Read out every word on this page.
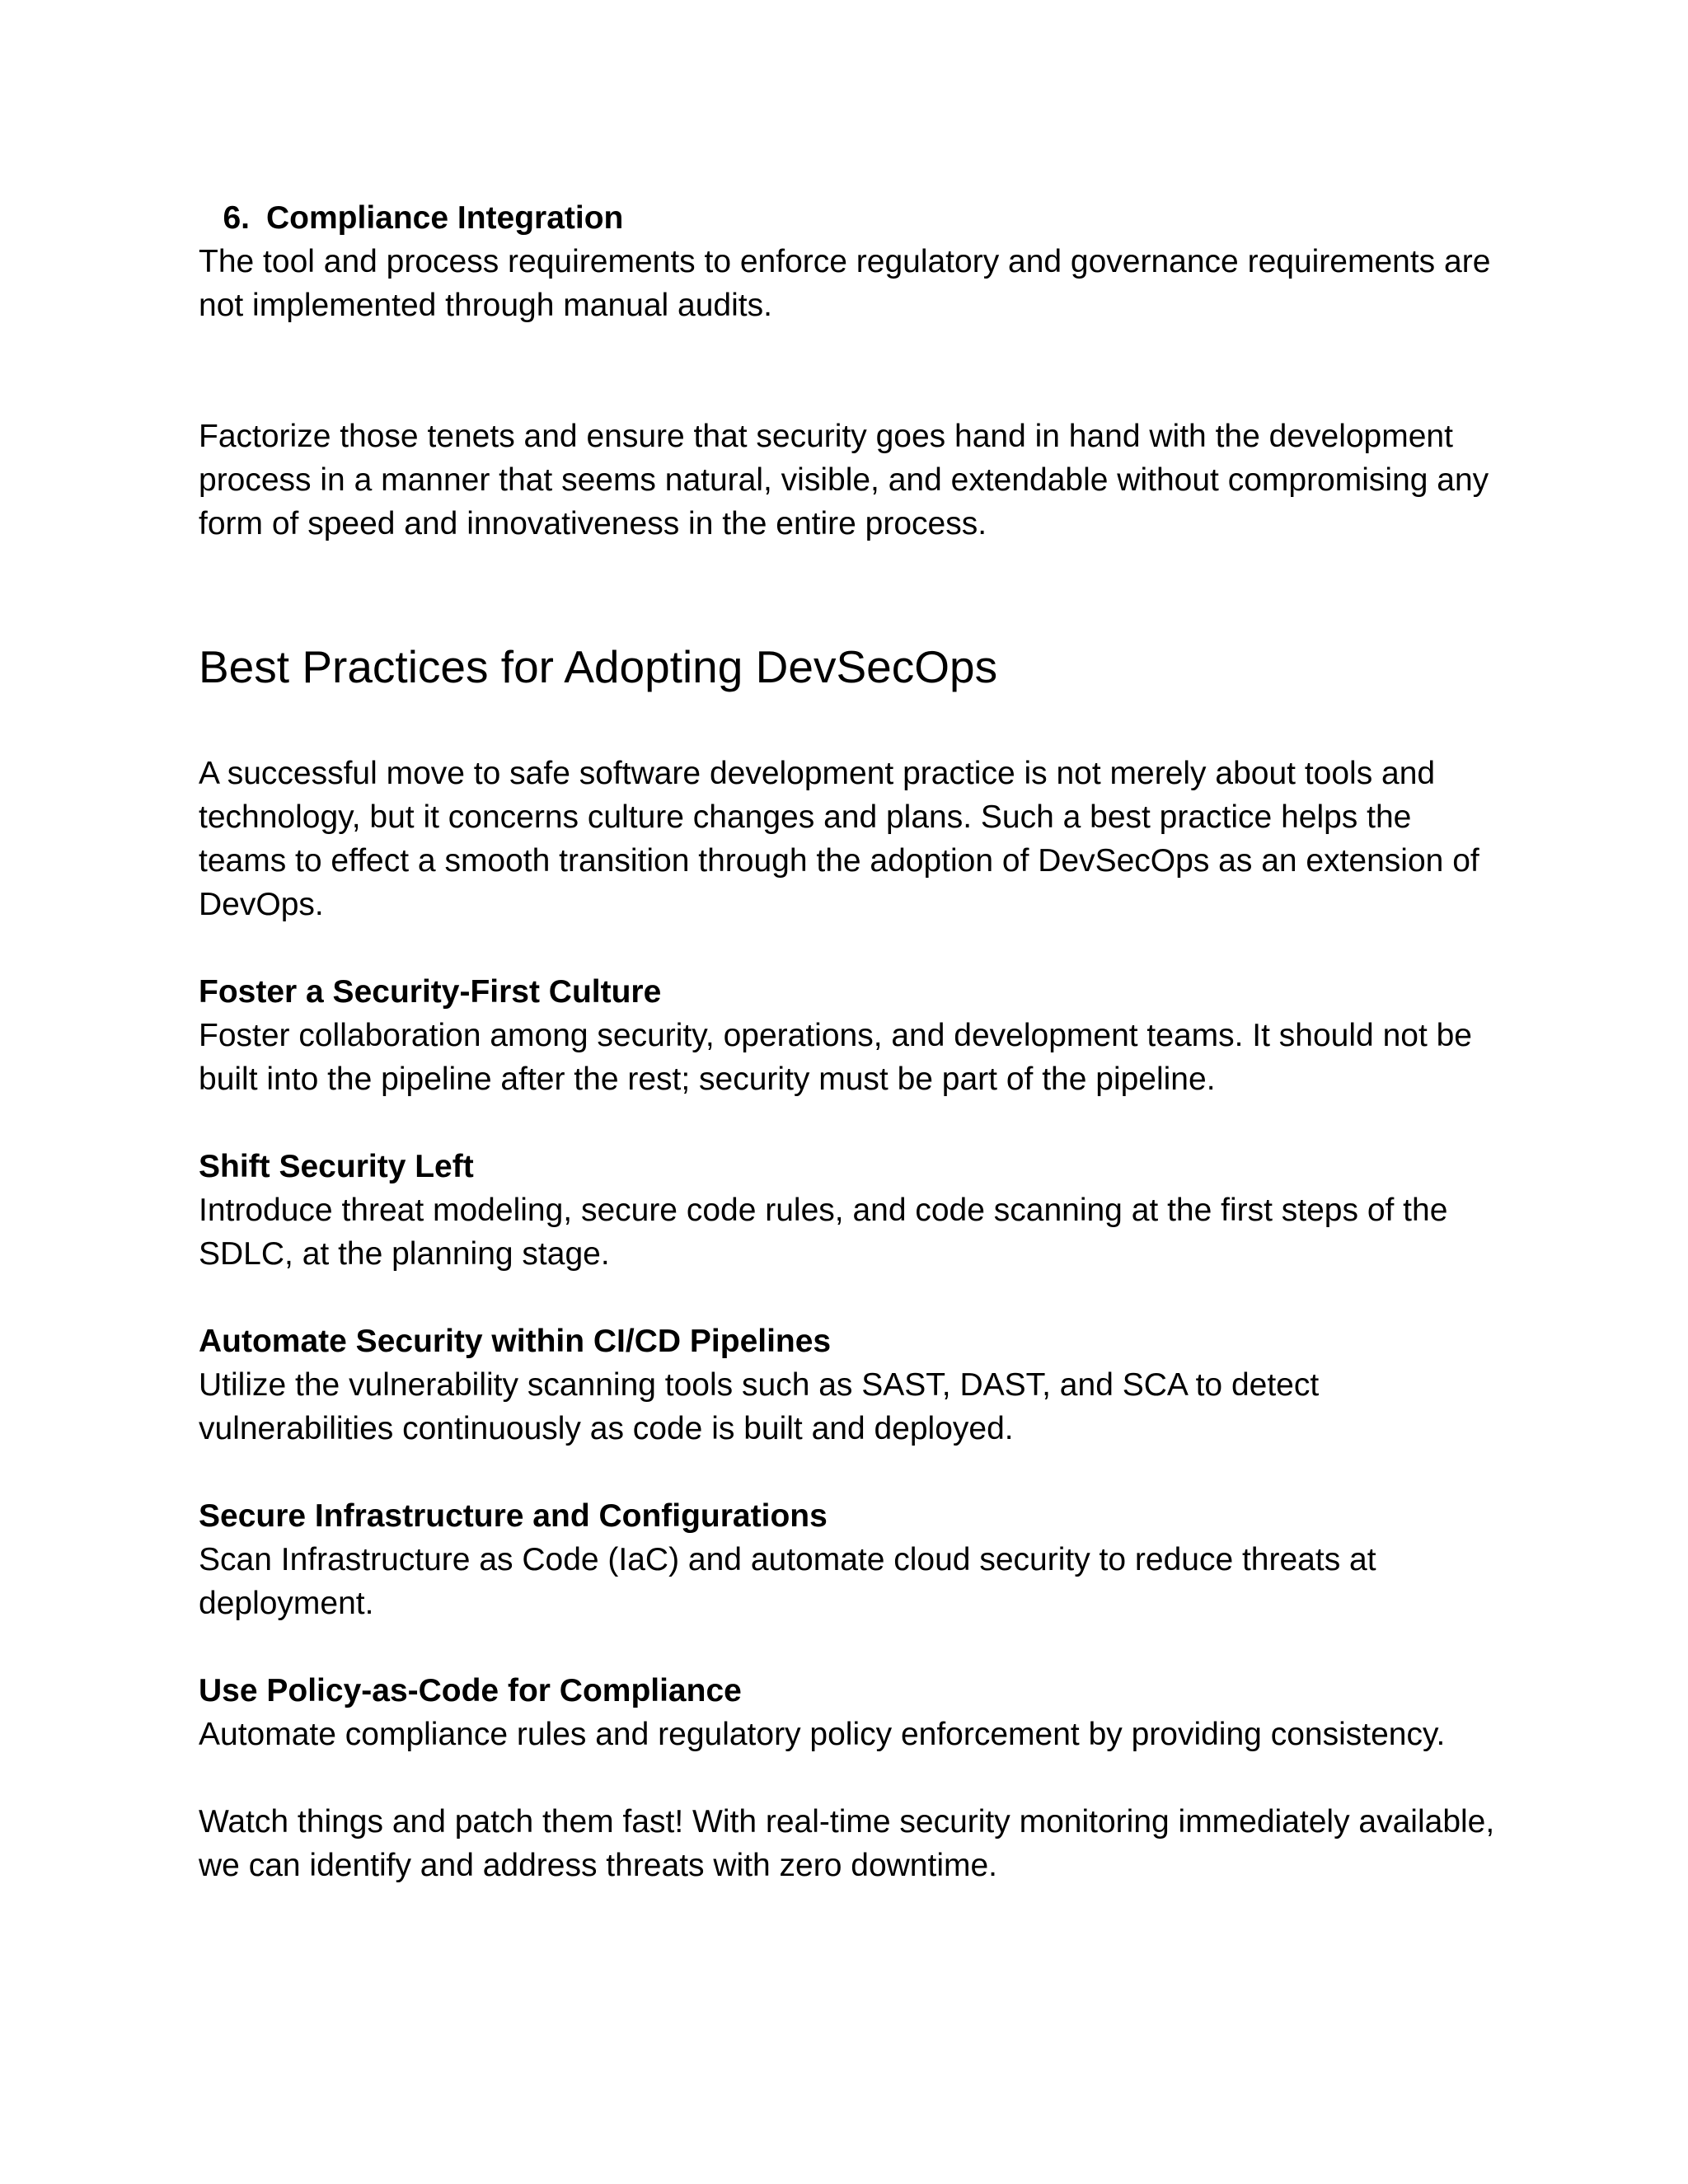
6. Compliance Integration

The tool and process requirements to enforce regulatory and governance requirements are not implemented through manual audits.

Factorize those tenets and ensure that security goes hand in hand with the development process in a manner that seems natural, visible, and extendable without compromising any form of speed and innovativeness in the entire process.

Best Practices for Adopting DevSecOps

A successful move to safe software development practice is not merely about tools and technology, but it concerns culture changes and plans. Such a best practice helps the teams to effect a smooth transition through the adoption of DevSecOps as an extension of DevOps.

Foster a Security-First Culture

Foster collaboration among security, operations, and development teams. It should not be built into the pipeline after the rest; security must be part of the pipeline.

Shift Security Left

Introduce threat modeling, secure code rules, and code scanning at the first steps of the SDLC, at the planning stage.

Automate Security within CI/CD Pipelines

Utilize the vulnerability scanning tools such as SAST, DAST, and SCA to detect vulnerabilities continuously as code is built and deployed.

Secure Infrastructure and Configurations

Scan Infrastructure as Code (IaC) and automate cloud security to reduce threats at deployment.

Use Policy-as-Code for Compliance

Automate compliance rules and regulatory policy enforcement by providing consistency.

Watch things and patch them fast! With real-time security monitoring immediately available, we can identify and address threats with zero downtime.
